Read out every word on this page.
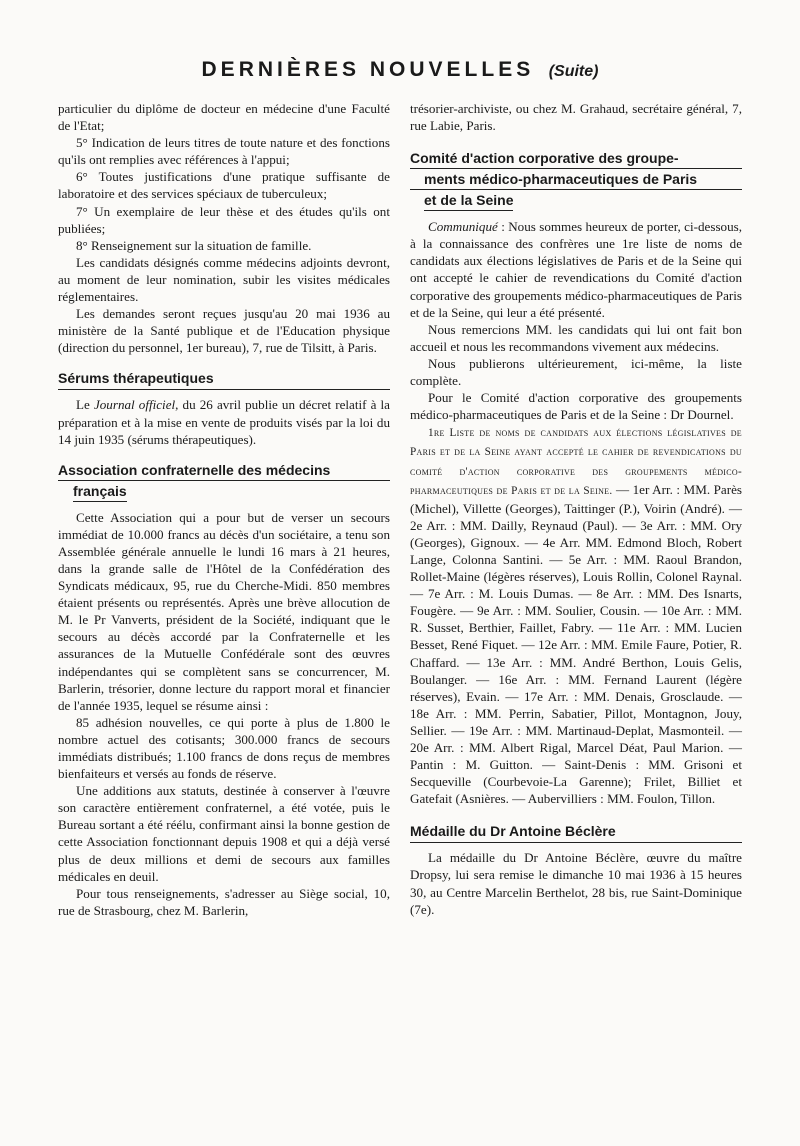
DERNIÈRES NOUVELLES (Suite)

particulier du diplôme de docteur en médecine d'une Faculté de l'Etat;

5° Indication de leurs titres de toute nature et des fonctions qu'ils ont remplies avec références à l'appui;

6° Toutes justifications d'une pratique suffisante de laboratoire et des services spéciaux de tuberculeux;

7° Un exemplaire de leur thèse et des études qu'ils ont publiées;

8° Renseignement sur la situation de famille.

Les candidats désignés comme médecins adjoints devront, au moment de leur nomination, subir les visites médicales réglementaires.

Les demandes seront reçues jusqu'au 20 mai 1936 au ministère de la Santé publique et de l'Education physique (direction du personnel, 1er bureau), 7, rue de Tilsitt, à Paris.

Sérums thérapeutiques

Le Journal officiel, du 26 avril publie un décret relatif à la préparation et à la mise en vente de produits visés par la loi du 14 juin 1935 (sérums thérapeutiques).

Association confraternelle des médecins
français

Cette Association qui a pour but de verser un secours immédiat de 10.000 francs au décès d'un sociétaire, a tenu son Assemblée générale annuelle le lundi 16 mars à 21 heures, dans la grande salle de l'Hôtel de la Confédération des Syndicats médicaux, 95, rue du Cherche-Midi. 850 membres étaient présents ou représentés. Après une brève allocution de M. le Pr Vanverts, président de la Société, indiquant que le secours au décès accordé par la Confraternelle et les assurances de la Mutuelle Confédérale sont des œuvres indépendantes qui se complètent sans se concurrencer, M. Barlerin, trésorier, donne lecture du rapport moral et financier de l'année 1935, lequel se résume ainsi :

85 adhésion nouvelles, ce qui porte à plus de 1.800 le nombre actuel des cotisants; 300.000 francs de secours immédiats distribués; 1.100 francs de dons reçus de membres bienfaiteurs et versés au fonds de réserve.

Une additions aux statuts, destinée à conserver à l'œuvre son caractère entièrement confraternel, a été votée, puis le Bureau sortant a été réélu, confirmant ainsi la bonne gestion de cette Association fonctionnant depuis 1908 et qui a déjà versé plus de deux millions et demi de secours aux familles médicales en deuil.

Pour tous renseignements, s'adresser au Siège social, 10, rue de Strasbourg, chez M. Barlerin,

trésorier-archiviste, ou chez M. Grahaud, secrétaire général, 7, rue Labie, Paris.

Comité d'action corporative des groupe-
ments médico-pharmaceutiques de Paris
et de la Seine

Communiqué : Nous sommes heureux de porter, ci-dessous, à la connaissance des confrères une 1re liste de noms de candidats aux élections législatives de Paris et de la Seine qui ont accepté le cahier de revendications du Comité d'action corporative des groupements médico-pharmaceutiques de Paris et de la Seine, qui leur a été présenté.

Nous remercions MM. les candidats qui lui ont fait bon accueil et nous les recommandons vivement aux médecins.

Nous publierons ultérieurement, ici-même, la liste complète.

Pour le Comité d'action corporative des groupements médico-pharmaceutiques de Paris et de la Seine : Dr Dournel.

1re Liste de noms de candidats aux élections législatives de Paris et de la Seine ayant accepté le cahier de revendications du comité d'action corporative des groupements médico-pharmaceutiques de Paris et de la Seine. — 1er Arr. : MM. Parès (Michel), Villette (Georges), Taittinger (P.), Voirin (André). — 2e Arr. : MM. Dailly, Reynaud (Paul). — 3e Arr. : MM. Ory (Georges), Gignoux. — 4e Arr. MM. Edmond Bloch, Robert Lange, Colonna Santini. — 5e Arr. : MM. Raoul Brandon, Rollet-Maine (légères réserves), Louis Rollin, Colonel Raynal. — 7e Arr. : M. Louis Dumas. — 8e Arr. : MM. Des Isnarts, Fougère. — 9e Arr. : MM. Soulier, Cousin. — 10e Arr. : MM. R. Susset, Berthier, Faillet, Fabry. — 11e Arr. : MM. Lucien Besset, René Fiquet. — 12e Arr. : MM. Emile Faure, Potier, R. Chaffard. — 13e Arr. : MM. André Berthon, Louis Gelis, Boulanger. — 16e Arr. : MM. Fernand Laurent (légère réserves), Evain. — 17e Arr. : MM. Denais, Grosclaude. — 18e Arr. : MM. Perrin, Sabatier, Pillot, Montagnon, Jouy, Sellier. — 19e Arr. : MM. Martinaud-Deplat, Masmonteil. — 20e Arr. : MM. Albert Rigal, Marcel Déat, Paul Marion. — Pantin : M. Guitton. — Saint-Denis : MM. Grisoni et Secqueville (Courbevoie-La Garenne); Frilet, Billiet et Gatefait (Asnières. — Aubervilliers : MM. Foulon, Tillon.

Médaille du Dr Antoine Béclère

La médaille du Dr Antoine Béclère, œuvre du maître Dropsy, lui sera remise le dimanche 10 mai 1936 à 15 heures 30, au Centre Marcelin Berthelot, 28 bis, rue Saint-Dominique (7e).
